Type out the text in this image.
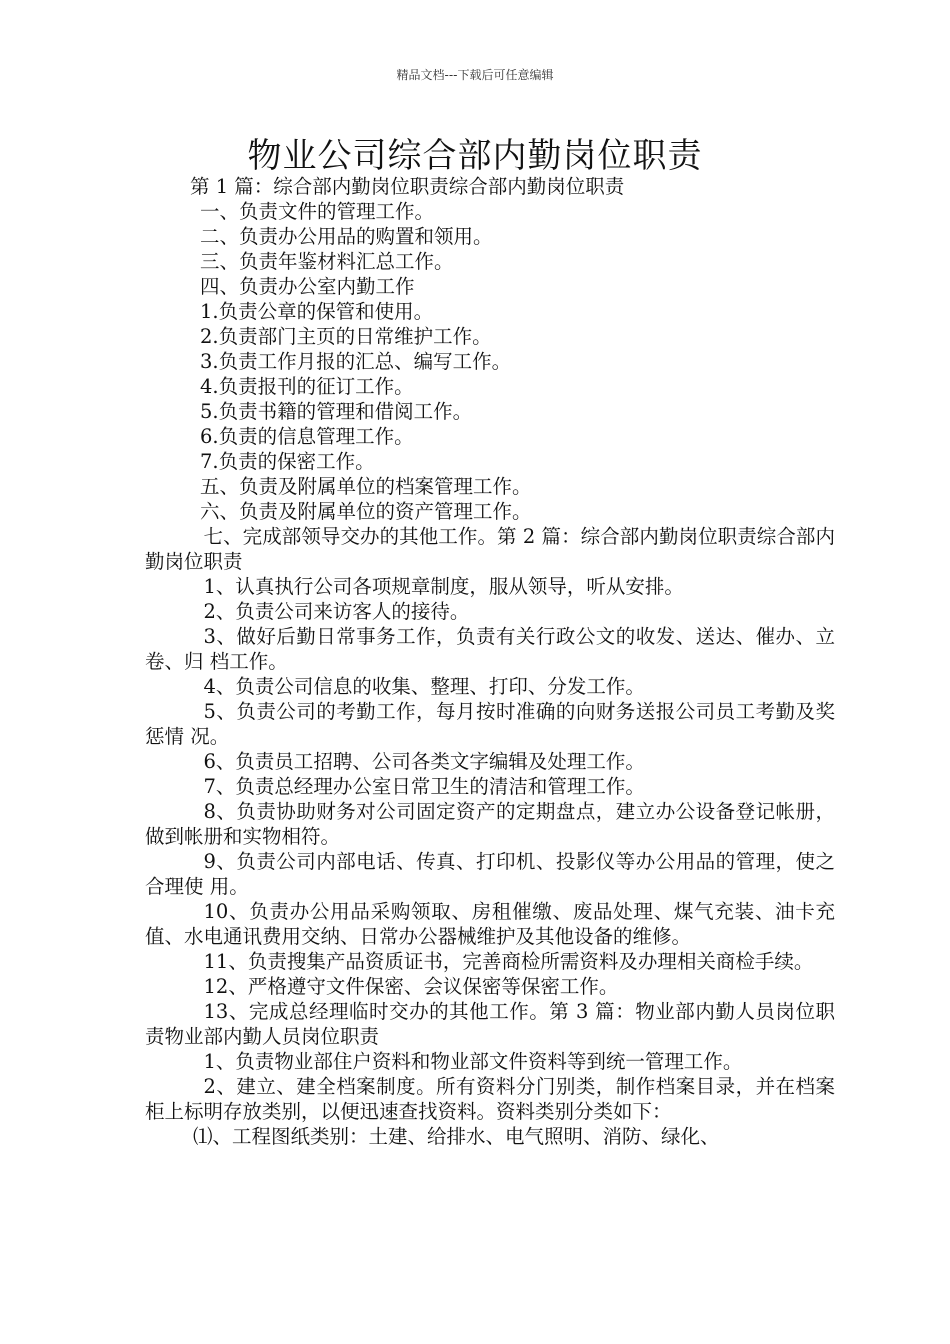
精品文档---下载后可任意编辑
物业公司综合部内勤岗位职责

第 1 篇：综合部内勤岗位职责综合部内勤岗位职责

一、负责文件的管理工作。

二、负责办公用品的购置和领用。

三、负责年鉴材料汇总工作。

四、负责办公室内勤工作

1.负责公章的保管和使用。

2.负责部门主页的日常维护工作。

3.负责工作月报的汇总、编写工作。

4.负责报刊的征订工作。

5.负责书籍的管理和借阅工作。

6.负责的信息管理工作。

7.负责的保密工作。

五、负责及附属单位的档案管理工作。

六、负责及附属单位的资产管理工作。

七、完成部领导交办的其他工作。第 2 篇：综合部内勤岗位职责综合部内勤岗位职责

1、认真执行公司各项规章制度，服从领导，听从安排。

2、负责公司来访客人的接待。

3、做好后勤日常事务工作，负责有关行政公文的收发、送达、催办、立卷、归 档工作。

4、负责公司信息的收集、整理、打印、分发工作。

5、负责公司的考勤工作，每月按时准确的向财务送报公司员工考勤及奖惩情 况。

6、负责员工招聘、公司各类文字编辑及处理工作。

7、负责总经理办公室日常卫生的清洁和管理工作。

8、负责协助财务对公司固定资产的定期盘点，建立办公设备登记帐册，做到帐册和实物相符。

9、负责公司内部电话、传真、打印机、投影仪等办公用品的管理，使之合理使 用。

10、负责办公用品采购领取、房租催缴、废品处理、煤气充装、油卡充值、水电通讯费用交纳、日常办公器械维护及其他设备的维修。

11、负责搜集产品资质证书，完善商检所需资料及办理相关商检手续。

12、严格遵守文件保密、会议保密等保密工作。

13、完成总经理临时交办的其他工作。第 3 篇：物业部内勤人员岗位职责物业部内勤人员岗位职责

1、负责物业部住户资料和物业部文件资料等到统一管理工作。

2、建立、建全档案制度。所有资料分门别类，制作档案目录，并在档案柜上标明存放类别，以便迅速查找资料。资料类别分类如下：

⑴、工程图纸类别：土建、给排水、电气照明、消防、绿化、
